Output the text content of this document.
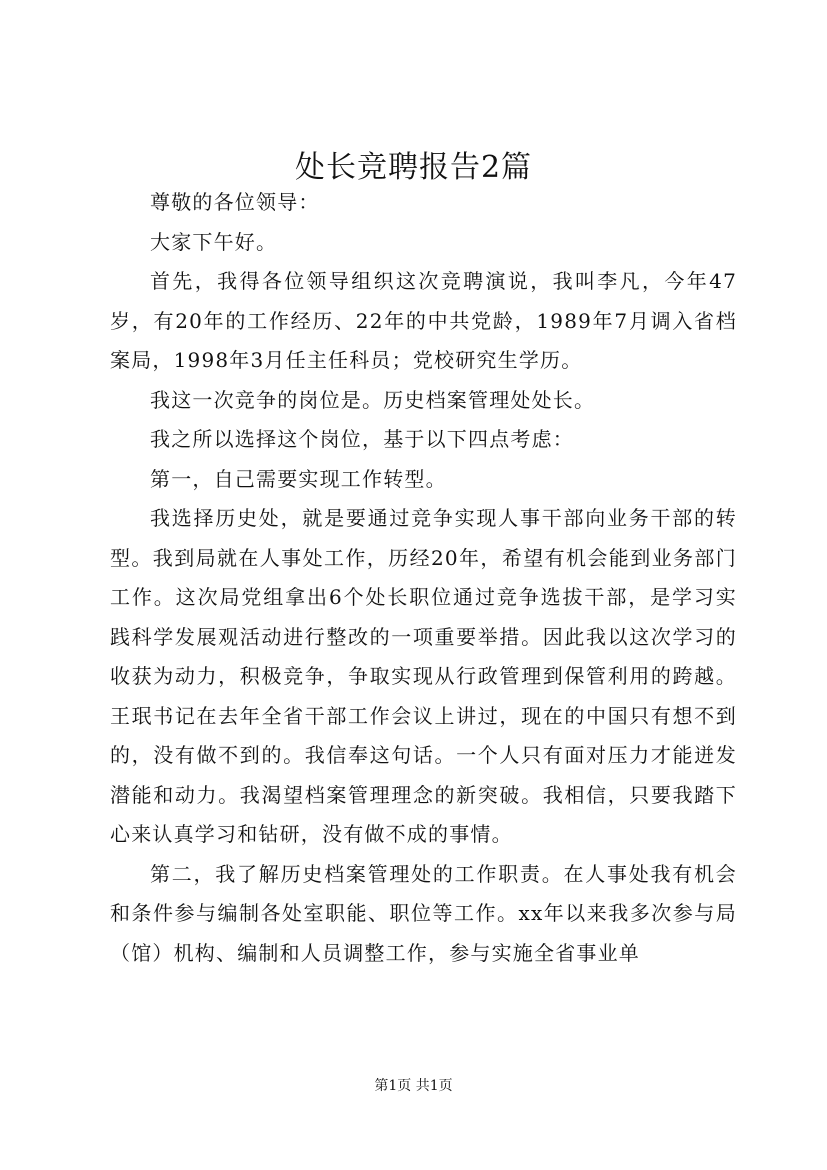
处长竞聘报告2篇

尊敬的各位领导：

大家下午好。

首先，我得各位领导组织这次竞聘演说，我叫李凡，今年47岁，有20年的工作经历、22年的中共党龄，1989年7月调入省档案局，1998年3月任主任科员；党校研究生学历。

我这一次竞争的岗位是。历史档案管理处处长。

我之所以选择这个岗位，基于以下四点考虑：

第一，自己需要实现工作转型。

我选择历史处，就是要通过竞争实现人事干部向业务干部的转型。我到局就在人事处工作，历经20年，希望有机会能到业务部门工作。这次局党组拿出6个处长职位通过竞争选拔干部，是学习实践科学发展观活动进行整改的一项重要举措。因此我以这次学习的收获为动力，积极竞争，争取实现从行政管理到保管利用的跨越。王珉书记在去年全省干部工作会议上讲过，现在的中国只有想不到的，没有做不到的。我信奉这句话。一个人只有面对压力才能迸发潜能和动力。我渴望档案管理理念的新突破。我相信，只要我踏下心来认真学习和钻研，没有做不成的事情。

第二，我了解历史档案管理处的工作职责。在人事处我有机会和条件参与编制各处室职能、职位等工作。xx年以来我多次参与局（馆）机构、编制和人员调整工作，参与实施全省事业单

第1页 共1页
